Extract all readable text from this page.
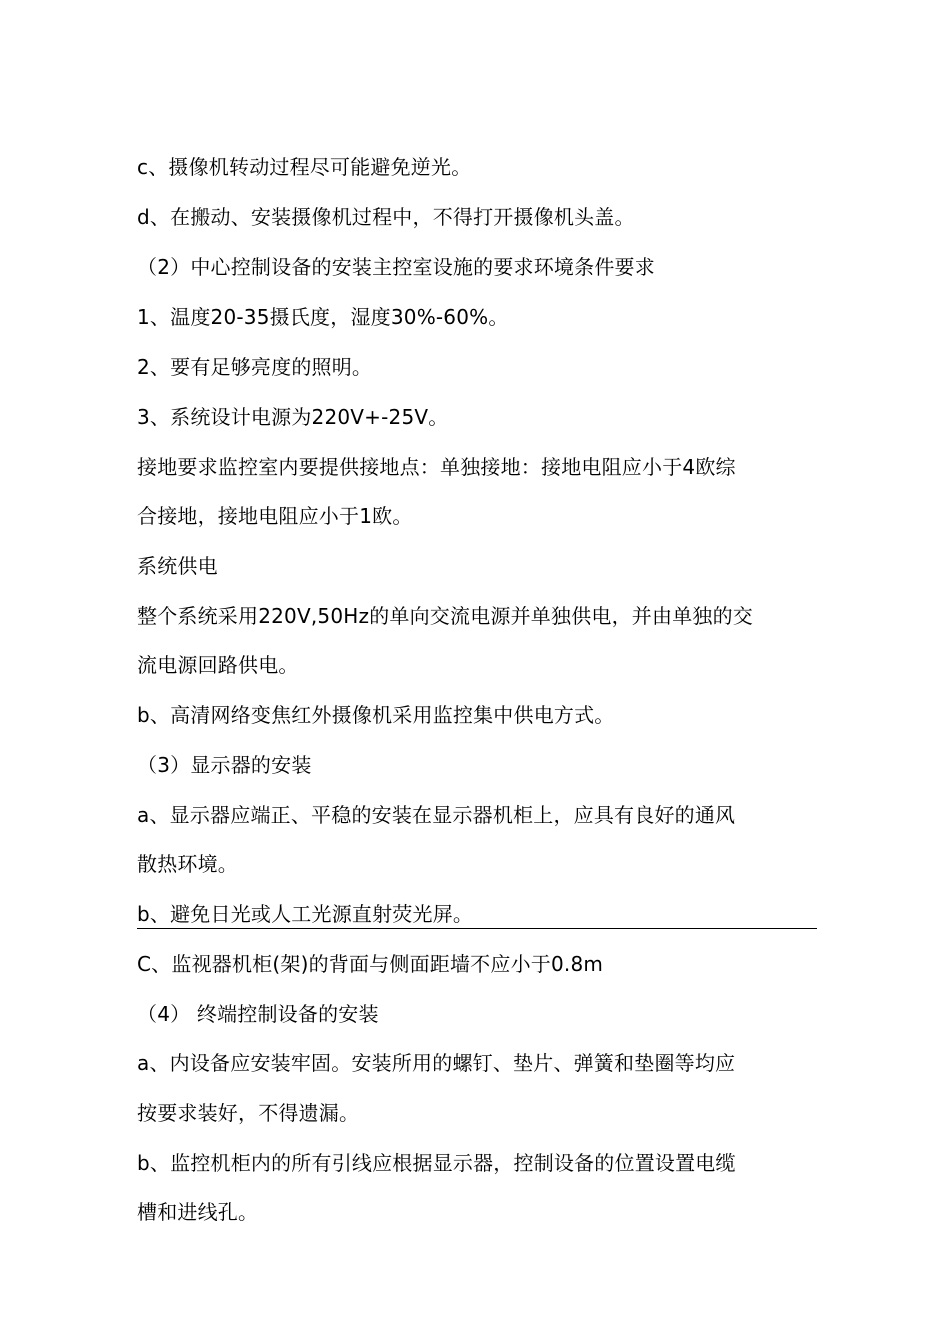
c、摄像机转动过程尽可能避免逆光。
d、在搬动、安装摄像机过程中，不得打开摄像机头盖。
（2）中心控制设备的安装主控室设施的要求环境条件要求
1、温度20-35摄氏度，湿度30%-60%。
2、要有足够亮度的照明。
3、系统设计电源为220V+-25V。
接地要求监控室内要提供接地点：单独接地：接地电阻应小于4欧综
合接地，接地电阻应小于1欧。
系统供电
整个系统采用220V,50Hz的单向交流电源并单独供电，并由单独的交
流电源回路供电。
b、高清网络变焦红外摄像机采用监控集中供电方式。
（3）显示器的安装
a、显示器应端正、平稳的安装在显示器机柜上，应具有良好的通风
散热环境。
b、避免日光或人工光源直射荧光屏。
C、监视器机柜(架)的背面与侧面距墙不应小于0.8m
（4） 终端控制设备的安装
a、内设备应安装牢固。安装所用的螺钉、垫片、弹簧和垫圈等均应
按要求装好，不得遗漏。
b、监控机柜内的所有引线应根据显示器，控制设备的位置设置电缆
槽和进线孔。
